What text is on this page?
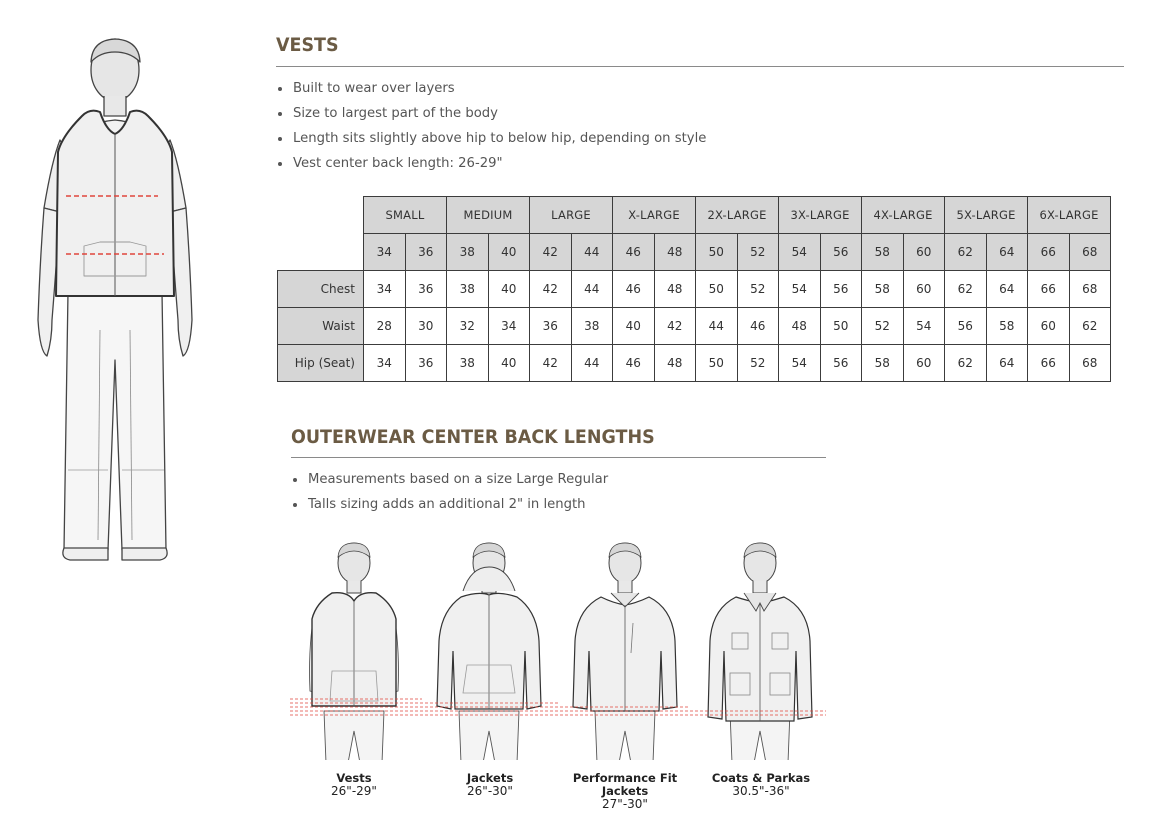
VESTS
Built to wear over layers
Size to largest part of the body
Length sits slightly above hip to below hip, depending on style
Vest center back length: 26-29"
	SMALL		MEDIUM		LARGE		X-LARGE		2X-LARGE		3X-LARGE		4X-LARGE		5X-LARGE		6X-LARGE	
	34	36	38	40	42	44	46	48	50	52	54	56	58	60	62	64	66	68
Chest	34	36	38	40	42	44	46	48	50	52	54	56	58	60	62	64	66	68
Waist	28	30	32	34	36	38	40	42	44	46	48	50	52	54	56	58	60	62
Hip (Seat)	34	36	38	40	42	44	46	48	50	52	54	56	58	60	62	64	66	68
OUTERWEAR CENTER BACK LENGTHS
Measurements based on a size Large Regular
Talls sizing adds an additional 2" in length
Vests
26"-29"
Jackets
26"-30"
Performance Fit Jackets
27"-30"
Coats & Parkas
30.5"-36"
